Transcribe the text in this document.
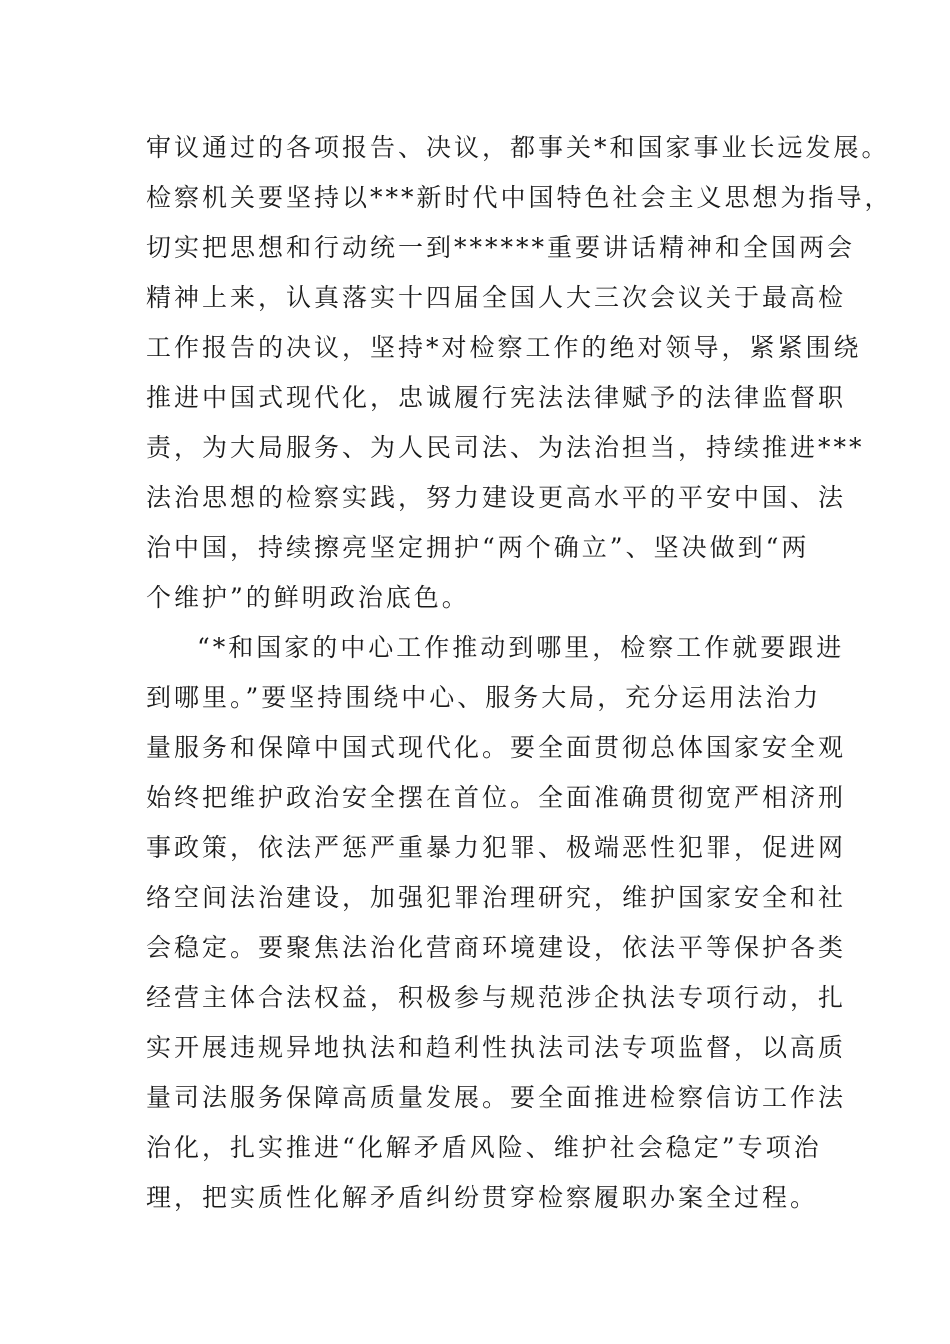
审议通过的各项报告、决议，都事关*和国家事业长远发展。
检察机关要坚持以***新时代中国特色社会主义思想为指导，
切实把思想和行动统一到******重要讲话精神和全国两会
精神上来，认真落实十四届全国人大三次会议关于最高检
工作报告的决议，坚持*对检察工作的绝对领导，紧紧围绕
推进中国式现代化，忠诚履行宪法法律赋予的法律监督职
责，为大局服务、为人民司法、为法治担当，持续推进***
法治思想的检察实践，努力建设更高水平的平安中国、法
治中国，持续擦亮坚定拥护“两个确立”、坚决做到“两
个维护”的鲜明政治底色。
“*和国家的中心工作推动到哪里，检察工作就要跟进
到哪里。”要坚持围绕中心、服务大局，充分运用法治力
量服务和保障中国式现代化。要全面贯彻总体国家安全观
始终把维护政治安全摆在首位。全面准确贯彻宽严相济刑
事政策，依法严惩严重暴力犯罪、极端恶性犯罪，促进网
络空间法治建设，加强犯罪治理研究，维护国家安全和社
会稳定。要聚焦法治化营商环境建设，依法平等保护各类
经营主体合法权益，积极参与规范涉企执法专项行动，扎
实开展违规异地执法和趋利性执法司法专项监督，以高质
量司法服务保障高质量发展。要全面推进检察信访工作法
治化，扎实推进“化解矛盾风险、维护社会稳定”专项治
理，把实质性化解矛盾纠纷贯穿检察履职办案全过程。
